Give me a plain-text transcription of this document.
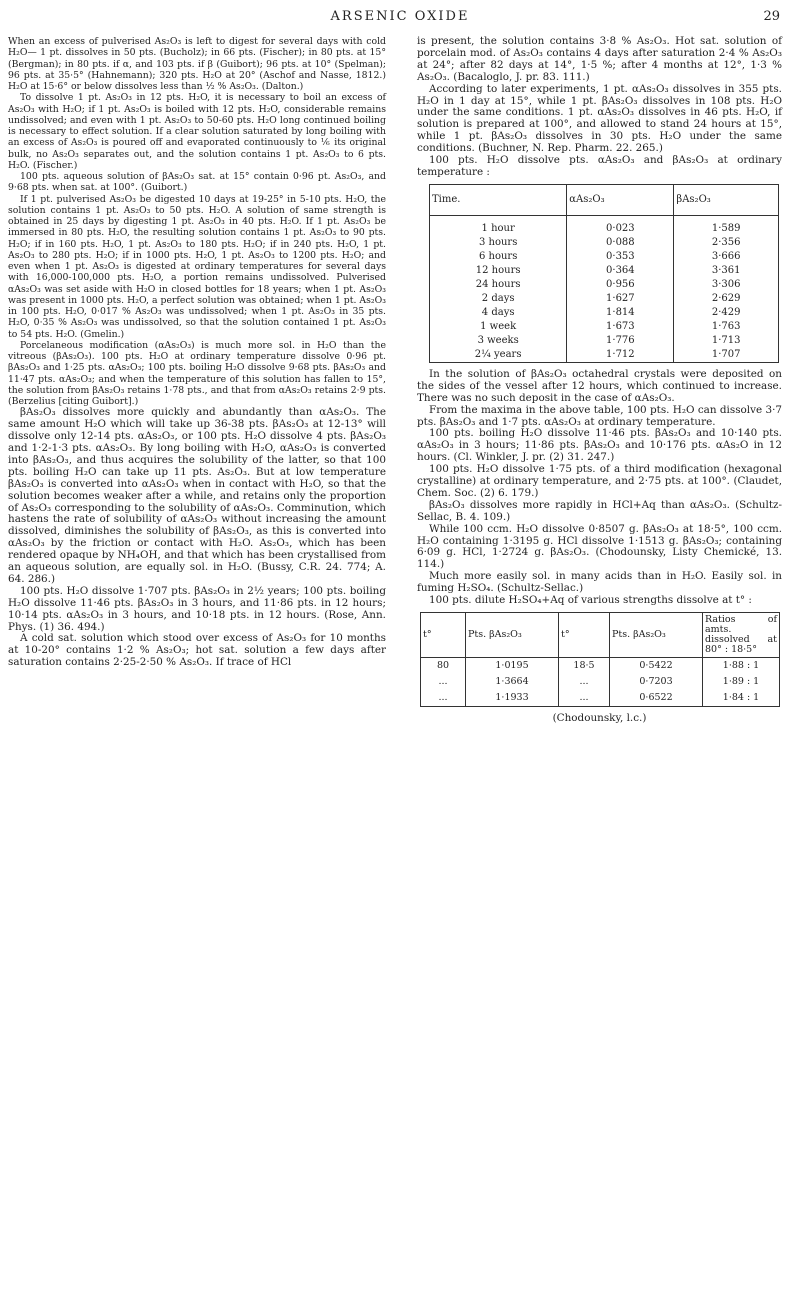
ARSENIC OXIDE	29

When an excess of pulverised As₂O₃ is left to digest for several days with cold H₂O— 1 pt. dissolves in 50 pts. (Bucholz); in 66 pts. (Fischer); in 80 pts. at 15° (Bergman); in 80 pts. if α, and 103 pts. if β (Guibort); 96 pts. at 10° (Spelman); 96 pts. at 35·5° (Hahnemann); 320 pts. H₂O at 20° (Aschof and Nasse, 1812.) H₂O at 15·6° or below dissolves less than ½ % As₂O₃. (Dalton.)

To dissolve 1 pt. As₂O₃ in 12 pts. H₂O, it is necessary to boil an excess of As₂O₃ with H₂O; if 1 pt. As₂O₃ is boiled with 12 pts. H₂O, considerable remains undissolved; and even with 1 pt. As₂O₃ to 50-60 pts. H₂O long continued boiling is necessary to effect solution. If a clear solution saturated by long boiling with an excess of As₂O₃ is poured off and evaporated continuously to ⅙ its original bulk, no As₂O₃ separates out, and the solution contains 1 pt. As₂O₃ to 6 pts. H₂O. (Fischer.)

100 pts. aqueous solution of βAs₂O₃ sat. at 15° contain 0·96 pt. As₂O₃, and 9·68 pts. when sat. at 100°. (Guibort.)

If 1 pt. pulverised As₂O₃ be digested 10 days at 19-25° in 5-10 pts. H₂O, the solution contains 1 pt. As₂O₃ to 50 pts. H₂O. A solution of same strength is obtained in 25 days by digesting 1 pt. As₂O₃ in 40 pts. H₂O. If 1 pt. As₂O₃ be immersed in 80 pts. H₂O, the resulting solution contains 1 pt. As₂O₃ to 90 pts. H₂O; if in 160 pts. H₂O, 1 pt. As₂O₃ to 180 pts. H₂O; if in 240 pts. H₂O, 1 pt. As₂O₃ to 280 pts. H₂O; if in 1000 pts. H₂O, 1 pt. As₂O₃ to 1200 pts. H₂O; and even when 1 pt. As₂O₃ is digested at ordinary temperatures for several days with 16,000-100,000 pts. H₂O, a portion remains undissolved. Pulverised αAs₂O₃ was set aside with H₂O in closed bottles for 18 years; when 1 pt. As₂O₃ was present in 1000 pts. H₂O, a perfect solution was obtained; when 1 pt. As₂O₃ in 100 pts. H₂O, 0·017 % As₂O₃ was undissolved; when 1 pt. As₂O₃ in 35 pts. H₂O, 0·35 % As₂O₃ was undissolved, so that the solution contained 1 pt. As₂O₃ to 54 pts. H₂O. (Gmelin.)

Porcelaneous modification (αAs₂O₃) is much more sol. in H₂O than the vitreous (βAs₂O₃). 100 pts. H₂O at ordinary temperature dissolve 0·96 pt. βAs₂O₃ and 1·25 pts. αAs₂O₃; 100 pts. boiling H₂O dissolve 9·68 pts. βAs₂O₃ and 11·47 pts. αAs₂O₃; and when the temperature of this solution has fallen to 15°, the solution from βAs₂O₃ retains 1·78 pts., and that from αAs₂O₃ retains 2·9 pts. (Berzelius [citing Guibort].)

βAs₂O₃ dissolves more quickly and abundantly than αAs₂O₃. The same amount H₂O which will take up 36-38 pts. βAs₂O₃ at 12-13° will dissolve only 12-14 pts. αAs₂O₃, or 100 pts. H₂O dissolve 4 pts. βAs₂O₃ and 1·2-1·3 pts. αAs₂O₃. By long boiling with H₂O, αAs₂O₃ is converted into βAs₂O₃, and thus acquires the solubility of the latter, so that 100 pts. boiling H₂O can take up 11 pts. As₂O₃. But at low temperature βAs₂O₃ is converted into αAs₂O₃ when in contact with H₂O, so that the solution becomes weaker after a while, and retains only the proportion of As₂O₃ corresponding to the solubility of αAs₂O₃. Comminution, which hastens the rate of solubility of αAs₂O₃ without increasing the amount dissolved, diminishes the solubility of βAs₂O₃, as this is converted into αAs₂O₃ by the friction or contact with H₂O. As₂O₃, which has been rendered opaque by NH₄OH, and that which has been crystallised from an aqueous solution, are equally sol. in H₂O. (Bussy, C.R. 24. 774; A. 64. 286.)

100 pts. H₂O dissolve 1·707 pts. βAs₂O₃ in 2½ years; 100 pts. boiling H₂O dissolve 11·46 pts. βAs₂O₃ in 3 hours, and 11·86 pts. in 12 hours; 10·14 pts. αAs₂O₃ in 3 hours, and 10·18 pts. in 12 hours. (Rose, Ann. Phys. (1) 36. 494.)

A cold sat. solution which stood over excess of As₂O₃ for 10 months at 10-20° contains 1·2 % As₂O₃; hot sat. solution a few days after saturation contains 2·25-2·50 % As₂O₃. If trace of HCl

is present, the solution contains 3·8 % As₂O₃. Hot sat. solution of porcelain mod. of As₂O₃ contains 4 days after saturation 2·4 % As₂O₃ at 24°; after 82 days at 14°, 1·5 %; after 4 months at 12°, 1·3 % As₂O₃. (Bacaloglo, J. pr. 83. 111.)

According to later experiments, 1 pt. αAs₂O₃ dissolves in 355 pts. H₂O in 1 day at 15°, while 1 pt. βAs₂O₃ dissolves in 108 pts. H₂O under the same conditions. 1 pt. αAs₂O₃ dissolves in 46 pts. H₂O, if solution is prepared at 100°, and allowed to stand 24 hours at 15°, while 1 pt. βAs₂O₃ dissolves in 30 pts. H₂O under the same conditions. (Buchner, N. Rep. Pharm. 22. 265.)

100 pts. H₂O dissolve pts. αAs₂O₃ and βAs₂O₃ at ordinary temperature :

Time.	αAs₂O₃	βAs₂O₃
1 hour	0·023	1·589
3 hours	0·088	2·356
6 hours	0·353	3·666
12 hours	0·364	3·361
24 hours	0·956	3·306
2 days	1·627	2·629
4 days	1·814	2·429
1 week	1·673	1·763
3 weeks	1·776	1·713
2¼ years	1·712	1·707

In the solution of βAs₂O₃ octahedral crystals were deposited on the sides of the vessel after 12 hours, which continued to increase. There was no such deposit in the case of αAs₂O₃.

From the maxima in the above table, 100 pts. H₂O can dissolve 3·7 pts. βAs₂O₃ and 1·7 pts. αAs₂O₃ at ordinary temperature.

100 pts. boiling H₂O dissolve 11·46 pts. βAs₂O₃ and 10·140 pts. αAs₂O₃ in 3 hours; 11·86 pts. βAs₂O₃ and 10·176 pts. αAs₂O in 12 hours. (Cl. Winkler, J. pr. (2) 31. 247.)

100 pts. H₂O dissolve 1·75 pts. of a third modification (hexagonal crystalline) at ordinary temperature, and 2·75 pts. at 100°. (Claudet, Chem. Soc. (2) 6. 179.)

βAs₂O₃ dissolves more rapidly in HCl+Aq than αAs₂O₃. (Schultz-Sellac, B. 4. 109.)

While 100 ccm. H₂O dissolve 0·8507 g. βAs₂O₃ at 18·5°, 100 ccm. H₂O containing 1·3195 g. HCl dissolve 1·1513 g. βAs₂O₃; containing 6·09 g. HCl, 1·2724 g. βAs₂O₃. (Chodounsky, Listy Chemické, 13. 114.)

Much more easily sol. in many acids than in H₂O. Easily sol. in fuming H₂SO₄. (Schultz-Sellac.)

100 pts. dilute H₂SO₄+Aq of various strengths dissolve at t° :

t°	Pts. βAs₂O₃	t°	Pts. βAs₂O₃	Ratios of amts. dissolved at 80° : 18·5°
80	1·0195	18·5	0·5422	1·88 : 1
...	1·3664	...	0·7203	1·89 : 1
...	1·1933	...	0·6522	1·84 : 1
(Chodounsky, l.c.)
